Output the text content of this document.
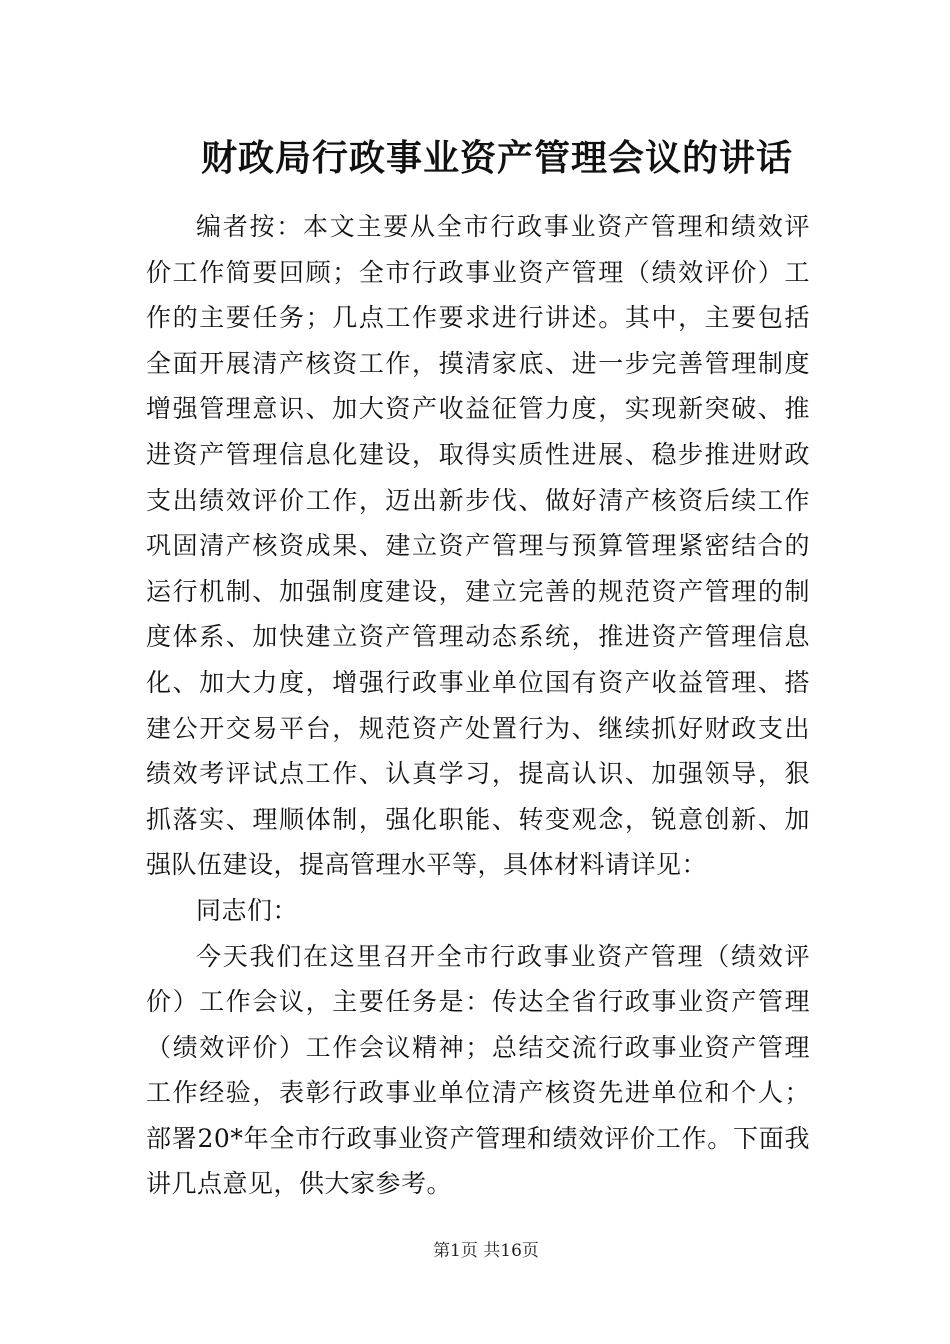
财政局行政事业资产管理会议的讲话
编者按：本文主要从全市行政事业资产管理和绩效评
价工作简要回顾；全市行政事业资产管理（绩效评价）工
作的主要任务；几点工作要求进行讲述。其中，主要包括
全面开展清产核资工作，摸清家底、进一步完善管理制度
增强管理意识、加大资产收益征管力度，实现新突破、推
进资产管理信息化建设，取得实质性进展、稳步推进财政
支出绩效评价工作，迈出新步伐、做好清产核资后续工作
巩固清产核资成果、建立资产管理与预算管理紧密结合的
运行机制、加强制度建设，建立完善的规范资产管理的制
度体系、加快建立资产管理动态系统，推进资产管理信息
化、加大力度，增强行政事业单位国有资产收益管理、搭
建公开交易平台，规范资产处置行为、继续抓好财政支出
绩效考评试点工作、认真学习，提高认识、加强领导，狠
抓落实、理顺体制，强化职能、转变观念，锐意创新、加
强队伍建设，提高管理水平等，具体材料请详见：
同志们：
今天我们在这里召开全市行政事业资产管理（绩效评
价）工作会议，主要任务是：传达全省行政事业资产管理
（绩效评价）工作会议精神；总结交流行政事业资产管理
工作经验，表彰行政事业单位清产核资先进单位和个人；
部署20*年全市行政事业资产管理和绩效评价工作。下面我
讲几点意见，供大家参考。
第1页 共16页
